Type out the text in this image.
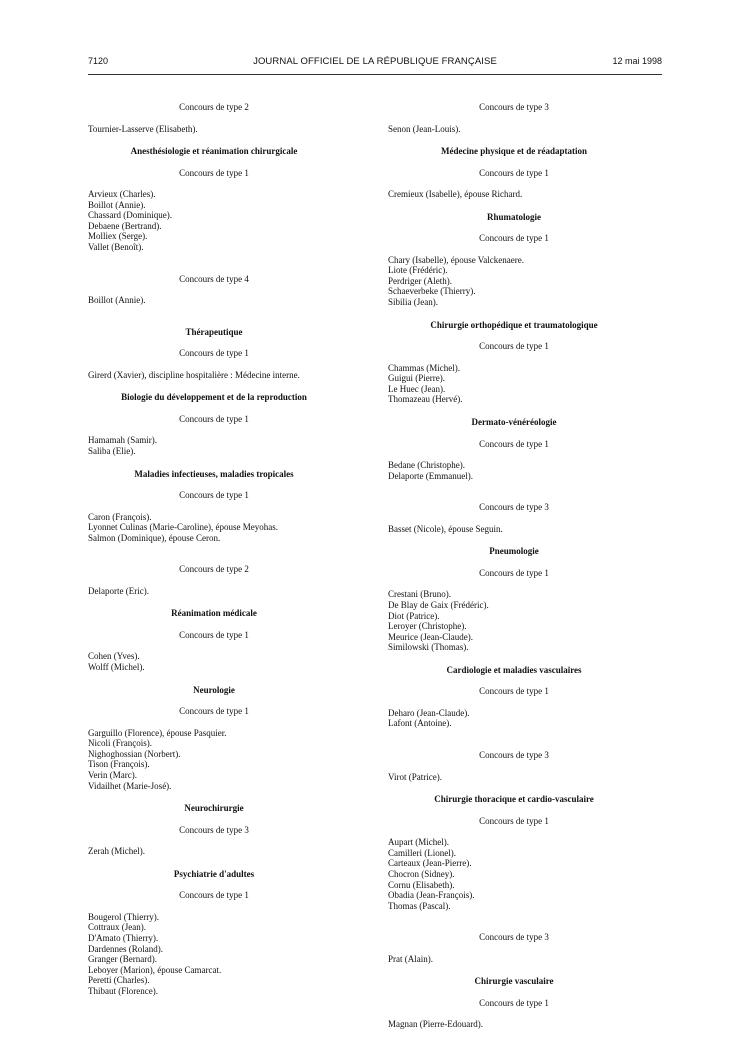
7120	JOURNAL OFFICIEL DE LA RÉPUBLIQUE FRANÇAISE	12 mai 1998
Concours de type 2
Tournier-Lasserve (Elisabeth).
Anesthésiologie et réanimation chirurgicale
Concours de type 1
Arvieux (Charles).
Boillot (Annie).
Chassard (Dominique).
Debaene (Bertrand).
Molliex (Serge).
Vallet (Benoît).
Concours de type 4
Boillot (Annie).
Thérapeutique
Concours de type 1
Girerd (Xavier), discipline hospitalière : Médecine interne.
Biologie du développement et de la reproduction
Concours de type 1
Hamamah (Samir).
Saliba (Elie).
Maladies infectieuses, maladies tropicales
Concours de type 1
Caron (François).
Lyonnet Culinas (Marie-Caroline), épouse Meyohas.
Salmon (Dominique), épouse Ceron.
Concours de type 2
Delaporte (Eric).
Réanimation médicale
Concours de type 1
Cohen (Yves).
Wolff (Michel).
Neurologie
Concours de type 1
Garguillo (Florence), épouse Pasquier.
Nicoli (François).
Nighoghossian (Norbert).
Tison (François).
Verin (Marc).
Vidailhet (Marie-José).
Neurochirurgie
Concours de type 3
Zerah (Michel).
Psychiatrie d'adultes
Concours de type 1
Bougerol (Thierry).
Cottraux (Jean).
D'Amato (Thierry).
Dardennes (Roland).
Granger (Bernard).
Leboyer (Marion), épouse Camarcat.
Peretti (Charles).
Thibaut (Florence).
Concours de type 3
Senon (Jean-Louis).
Médecine physique et de réadaptation
Concours de type 1
Cremieux (Isabelle), épouse Richard.
Rhumatologie
Concours de type 1
Chary (Isabelle), épouse Valckenaere.
Liote (Frédéric).
Perdriger (Aleth).
Schaeverbeke (Thierry).
Sibilia (Jean).
Chirurgie orthopédique et traumatologique
Concours de type 1
Chammas (Michel).
Guigui (Pierre).
Le Huec (Jean).
Thomazeau (Hervé).
Dermato-vénéréologie
Concours de type 1
Bedane (Christophe).
Delaporte (Emmanuel).
Concours de type 3
Basset (Nicole), épouse Seguin.
Pneumologie
Concours de type 1
Crestani (Bruno).
De Blay de Gaix (Frédéric).
Diot (Patrice).
Leroyer (Christophe).
Meurice (Jean-Claude).
Similowski (Thomas).
Cardiologie et maladies vasculaires
Concours de type 1
Deharo (Jean-Claude).
Lafont (Antoine).
Concours de type 3
Virot (Patrice).
Chirurgie thoracique et cardio-vasculaire
Concours de type 1
Aupart (Michel).
Camilleri (Lionel).
Carteaux (Jean-Pierre).
Chocron (Sidney).
Cornu (Elisabeth).
Obadia (Jean-François).
Thomas (Pascal).
Concours de type 3
Prat (Alain).
Chirurgie vasculaire
Concours de type 1
Magnan (Pierre-Edouard).
